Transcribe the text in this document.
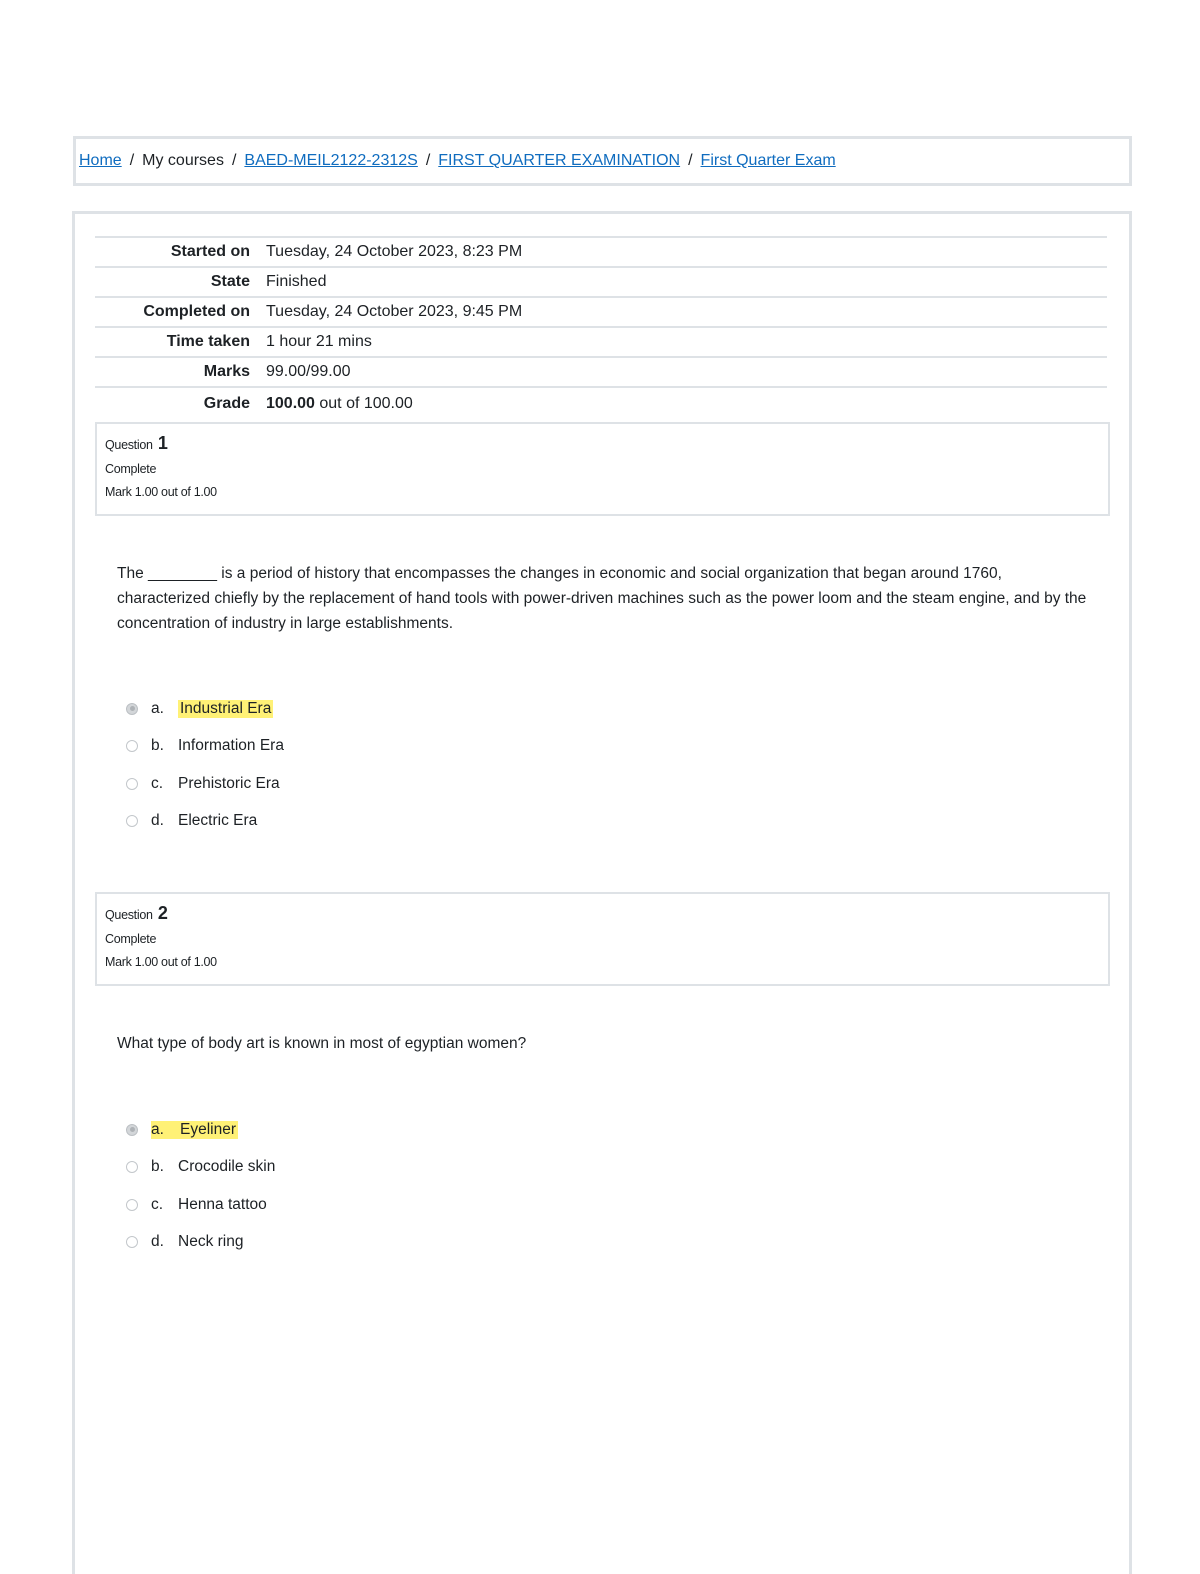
Home / My courses / BAED-MEIL2122-2312S / FIRST QUARTER EXAMINATION / First Quarter Exam
Started on	Tuesday, 24 October 2023, 8:23 PM
State	Finished
Completed on	Tuesday, 24 October 2023, 9:45 PM
Time taken	1 hour 21 mins
Marks	99.00/99.00
Grade	100.00 out of 100.00
Question 1
Complete
Mark 1.00 out of 1.00
The ________ is a period of history that encompasses the changes in economic and social organization that began around 1760, characterized chiefly by the replacement of hand tools with power-driven machines such as the power loom and the steam engine, and by the concentration of industry in large establishments.
a.	Industrial Era
b. Information Era
c. Prehistoric Era
d. Electric Era
Question 2
Complete
Mark 1.00 out of 1.00
What type of body art is known in most of egyptian women?
a.	Eyeliner
b. Crocodile skin
c. Henna tattoo
d. Neck ring
